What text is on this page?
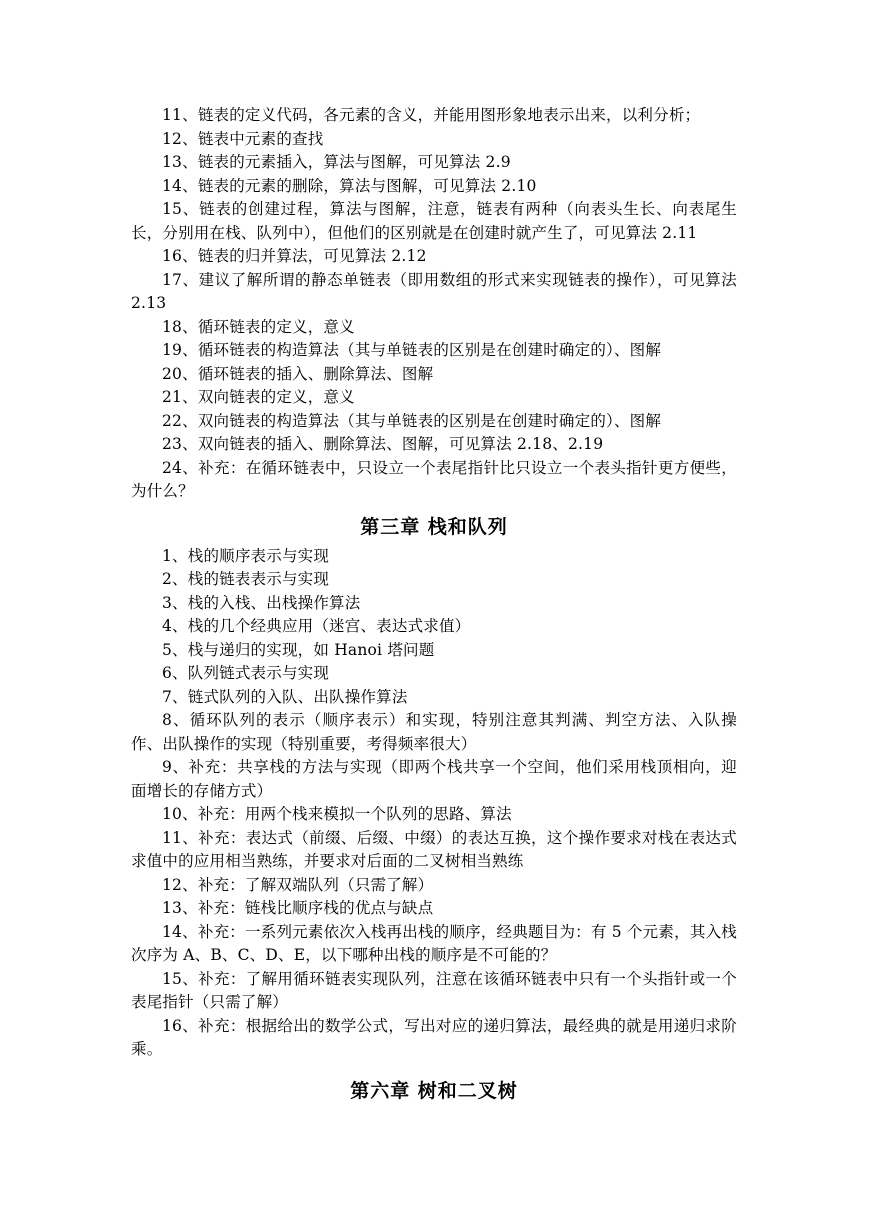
11、链表的定义代码，各元素的含义，并能用图形象地表示出来，以利分析；

12、链表中元素的查找

13、链表的元素插入，算法与图解，可见算法 2.9

14、链表的元素的删除，算法与图解，可见算法 2.10

15、链表的创建过程，算法与图解，注意，链表有两种（向表头生长、向表尾生长，分别用在栈、队列中），但他们的区别就是在创建时就产生了，可见算法 2.11

16、链表的归并算法，可见算法 2.12

17、建议了解所谓的静态单链表（即用数组的形式来实现链表的操作），可见算法 2.13

18、循环链表的定义，意义

19、循环链表的构造算法（其与单链表的区别是在创建时确定的）、图解

20、循环链表的插入、删除算法、图解

21、双向链表的定义，意义

22、双向链表的构造算法（其与单链表的区别是在创建时确定的）、图解

23、双向链表的插入、删除算法、图解，可见算法 2.18、2.19

24、补充：在循环链表中，只设立一个表尾指针比只设立一个表头指针更方便些，为什么？

第三章 栈和队列

1、栈的顺序表示与实现

2、栈的链表表示与实现

3、栈的入栈、出栈操作算法

4、栈的几个经典应用（迷宫、表达式求值）

5、栈与递归的实现，如 Hanoi 塔问题

6、队列链式表示与实现

7、链式队列的入队、出队操作算法

8、循环队列的表示（顺序表示）和实现，特别注意其判满、判空方法、入队操作、出队操作的实现（特别重要，考得频率很大）

9、补充：共享栈的方法与实现（即两个栈共享一个空间，他们采用栈顶相向，迎面增长的存储方式）

10、补充：用两个栈来模拟一个队列的思路、算法

11、补充：表达式（前缀、后缀、中缀）的表达互换，这个操作要求对栈在表达式求值中的应用相当熟练，并要求对后面的二叉树相当熟练

12、补充：了解双端队列（只需了解）

13、补充：链栈比顺序栈的优点与缺点

14、补充：一系列元素依次入栈再出栈的顺序，经典题目为：有 5 个元素，其入栈次序为 A、B、C、D、E，以下哪种出栈的顺序是不可能的？

15、补充：了解用循环链表实现队列，注意在该循环链表中只有一个头指针或一个表尾指针（只需了解）

16、补充：根据给出的数学公式，写出对应的递归算法，最经典的就是用递归求阶乘。

第六章 树和二叉树
